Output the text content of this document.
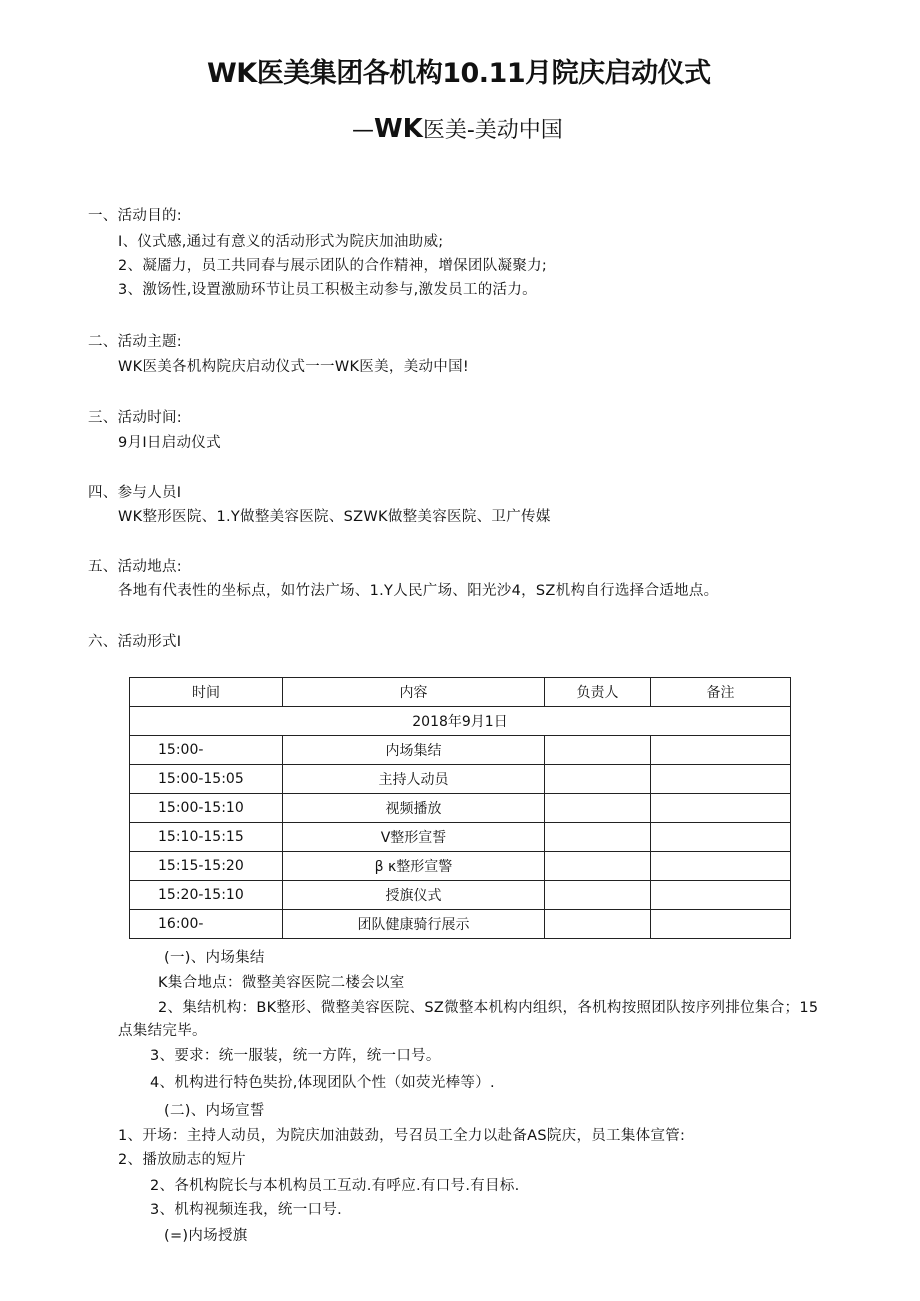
WK医美集团各机构10.11月院庆启动仪式
—WK医美-美动中国
一、活动目的:
I、仪式感,通过有意义的活动形式为院庆加油助威;
2、凝靥力，员工共同春与展示团队的合作精神，增保团队凝聚力;
3、激饧性,设置激励环节让员工积极主动参与,激发员工的活力。
二、活动主题:
WK医美各机构院庆启动仪式一一WK医美，美动中国!
三、活动时间:
9月I日启动仪式
四、参与人员I
WK整形医院、1.Y做整美容医院、SZWK做整美容医院、卫广传媒
五、活动地点:
各地有代表性的坐标点，如竹法广场、1.Y人民广场、阳光沙4，SZ机构自行选择合适地点。
六、活动形式I
时间	内容	负责人	备注
2018年9月1日			
15:00-	内场集结		
15:00-15:05	主持人动员		
15:00-15:10	视频播放		
15:10-15:15	V整形宣誓		
15:15-15:20	β κ整形宣警		
15:20-15:10	授旗仪式		
16:00-	团队健康骑行展示		
(一)、内场集结
K集合地点：微整美容医院二楼会以室
2、集结机构：BK整形、微整美容医院、SZ微整本机构内组织，各机构按照团队按序列排位集合；15
点集结完毕。
3、要求：统一服装，统一方阵，统一口号。
4、机构进行特色奘扮,体现团队个性（如荧光棒等）.
(二)、内场宣誓
1、开场：主持人动员，为院庆加油鼓劲，号召员工全力以赴备AS院庆，员工集体宣管:
2、播放励志的短片
2、各机构院长与本机构员工互动.有呼应.有口号.有目标.
3、机构视频连我，统一口号.
(=)内场授旗
